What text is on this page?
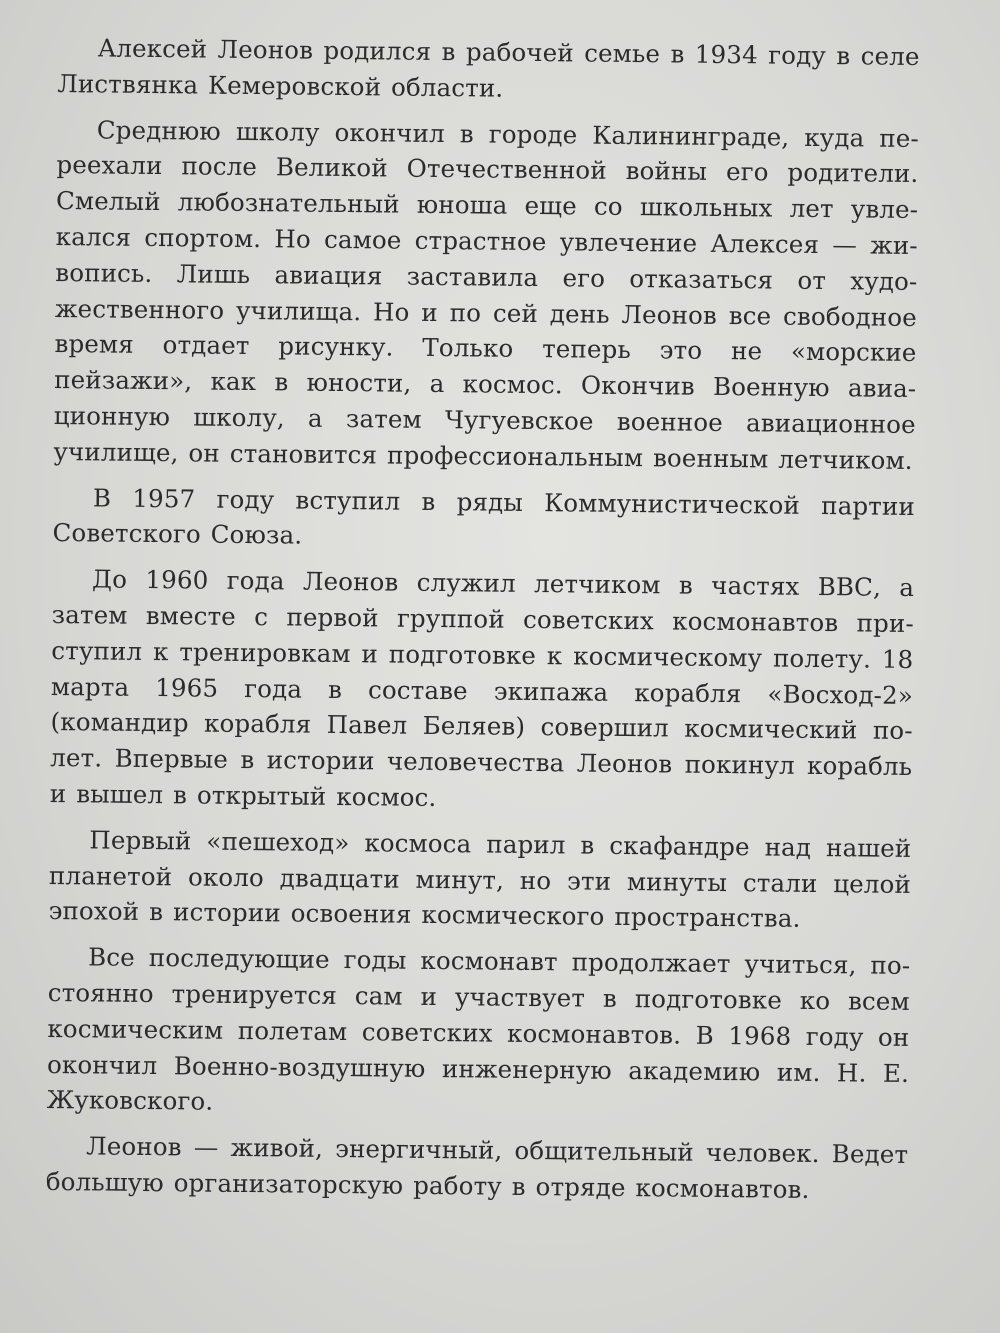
Алексей Леонов родился в рабочей семье в 1934 году в селе Листвянка Кемеровской области.

Среднюю школу окончил в городе Калининграде, куда переехали после Великой Отечественной войны его родители. Смелый любознательный юноша еще со школьных лет увлекался спортом. Но самое страстное увлечение Алексея — живопись. Лишь авиация заставила его отказаться от художественного училища. Но и по сей день Леонов все свободное время отдает рисунку. Только теперь это не «морские пейзажи», как в юности, а космос. Окончив Военную авиационную школу, а затем Чугуевское военное авиационное училище, он становится профессиональным военным летчиком.

В 1957 году вступил в ряды Коммунистической партии Советского Союза.

До 1960 года Леонов служил летчиком в частях ВВС, а затем вместе с первой группой советских космонавтов приступил к тренировкам и подготовке к космическому полету. 18 марта 1965 года в составе экипажа корабля «Восход-2» (командир корабля Павел Беляев) совершил космический полет. Впервые в истории человечества Леонов покинул корабль и вышел в открытый космос.

Первый «пешеход» космоса парил в скафандре над нашей планетой около двадцати минут, но эти минуты стали целой эпохой в истории освоения космического пространства.

Все последующие годы космонавт продолжает учиться, постоянно тренируется сам и участвует в подготовке ко всем космическим полетам советских космонавтов. В 1968 году он окончил Военно-воздушную инженерную академию им. Н. Е. Жуковского.

Леонов — живой, энергичный, общительный человек. Ведет большую организаторскую работу в отряде космонавтов.
